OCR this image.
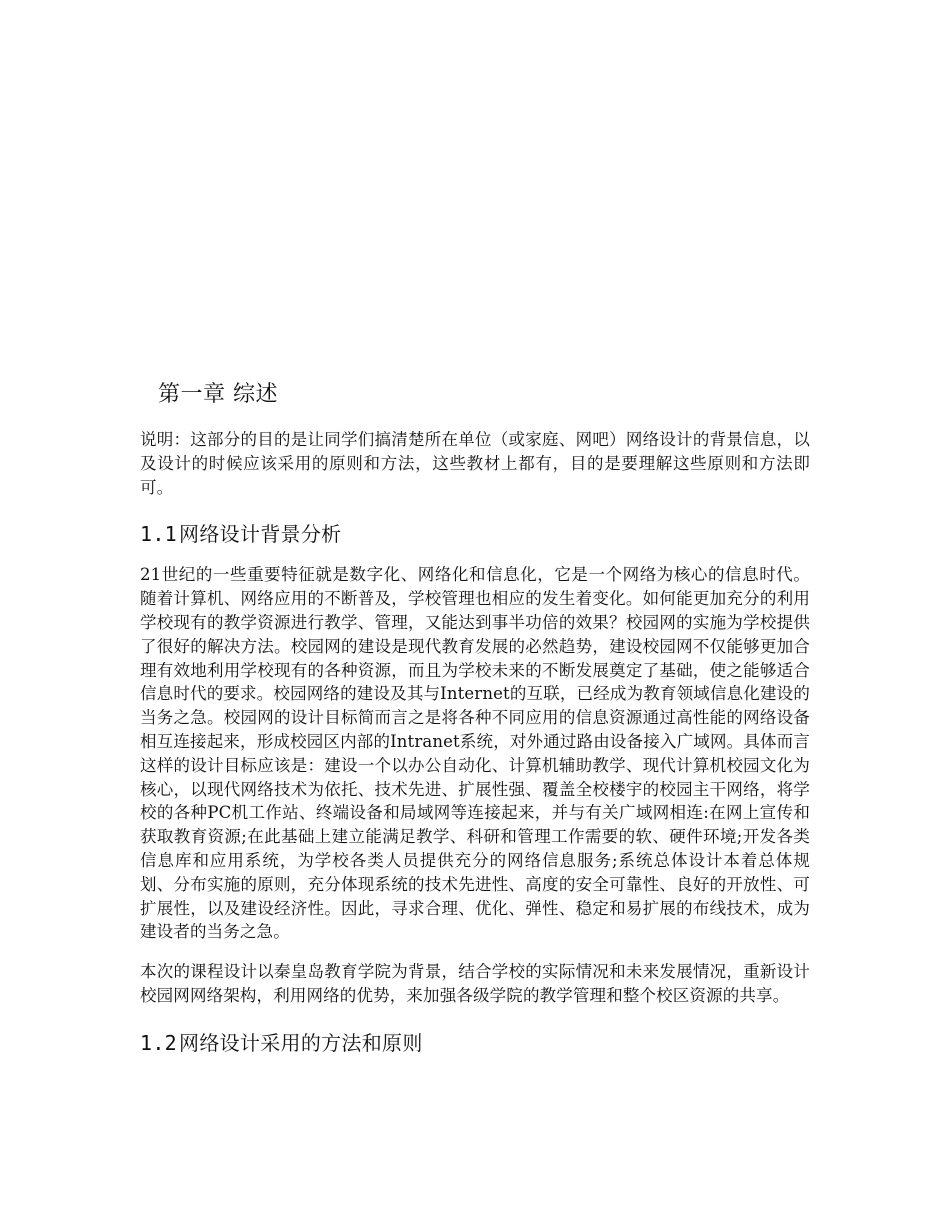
第一章 综述

说明：这部分的目的是让同学们搞清楚所在单位（或家庭、网吧）网络设计的背景信息，以及设计的时候应该采用的原则和方法，这些教材上都有，目的是要理解这些原则和方法即可。

1.1 网络设计背景分析

21世纪的一些重要特征就是数字化、网络化和信息化，它是一个网络为核心的信息时代。随着计算机、网络应用的不断普及，学校管理也相应的发生着变化。如何能更加充分的利用学校现有的教学资源进行教学、管理，又能达到事半功倍的效果？校园网的实施为学校提供了很好的解决方法。校园网的建设是现代教育发展的必然趋势，建设校园网不仅能够更加合理有效地利用学校现有的各种资源，而且为学校未来的不断发展奠定了基础，使之能够适合信息时代的要求。校园网络的建设及其与Internet的互联，已经成为教育领域信息化建设的当务之急。校园网的设计目标简而言之是将各种不同应用的信息资源通过高性能的网络设备相互连接起来，形成校园区内部的Intranet系统，对外通过路由设备接入广域网。具体而言这样的设计目标应该是：建设一个以办公自动化、计算机辅助教学、现代计算机校园文化为核心，以现代网络技术为依托、技术先进、扩展性强、覆盖全校楼宇的校园主干网络，将学校的各种PC机工作站、终端设备和局域网等连接起来，并与有关广域网相连:在网上宣传和获取教育资源;在此基础上建立能满足教学、科研和管理工作需要的软、硬件环境;开发各类信息库和应用系统，为学校各类人员提供充分的网络信息服务;系统总体设计本着总体规划、分布实施的原则，充分体现系统的技术先进性、高度的安全可靠性、良好的开放性、可扩展性，以及建设经济性。因此，寻求合理、优化、弹性、稳定和易扩展的布线技术，成为建设者的当务之急。

本次的课程设计以秦皇岛教育学院为背景，结合学校的实际情况和未来发展情况，重新设计校园网网络架构，利用网络的优势，来加强各级学院的教学管理和整个校区资源的共享。

1.2 网络设计采用的方法和原则
